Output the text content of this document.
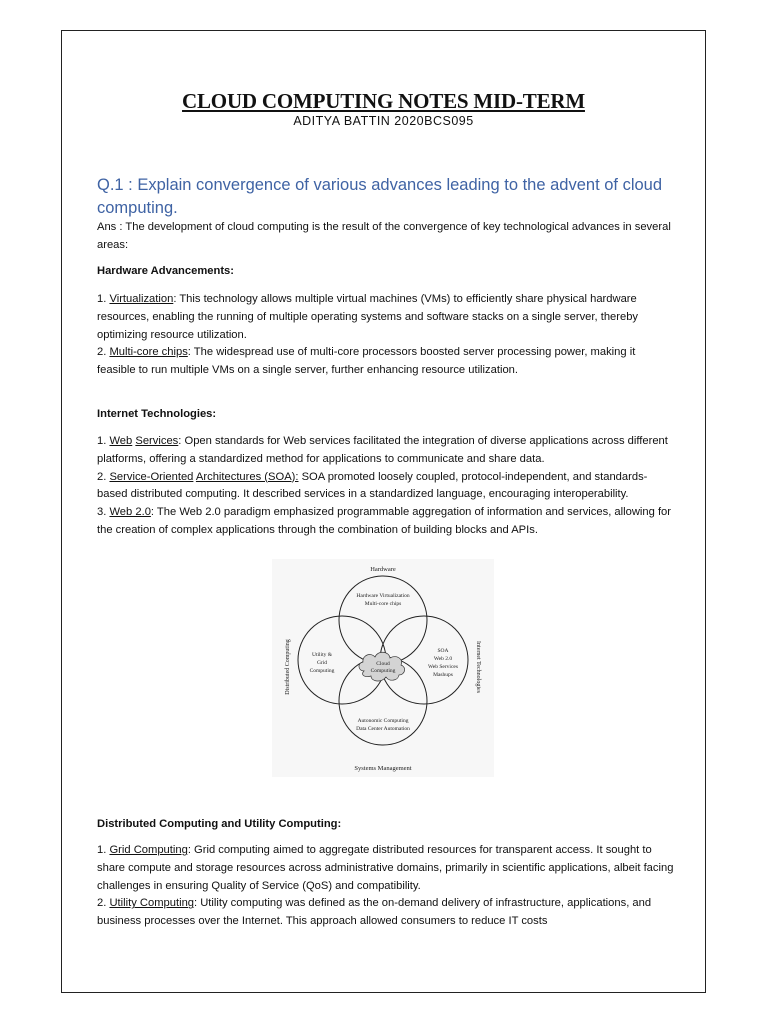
CLOUD COMPUTING NOTES MID-TERM
ADITYA BATTIN 2020BCS095
Q.1 : Explain convergence of various advances leading to the advent of cloud computing.

Ans : The development of cloud computing is the result of the convergence of key technological advances in several areas:

Hardware Advancements:

1. Virtualization: This technology allows multiple virtual machines (VMs) to efficiently share physical hardware resources, enabling the running of multiple operating systems and software stacks on a single server, thereby optimizing resource utilization.

2. Multi-core chips: The widespread use of multi-core processors boosted server processing power, making it feasible to run multiple VMs on a single server, further enhancing resource utilization.

Internet Technologies:

1. Web Services: Open standards for Web services facilitated the integration of diverse applications across different platforms, offering a standardized method for applications to communicate and share data.

2. Service-Oriented Architectures (SOA): SOA promoted loosely coupled, protocol-independent, and standards-based distributed computing. It described services in a standardized language, encouraging interoperability.

3. Web 2.0: The Web 2.0 paradigm emphasized programmable aggregation of information and services, allowing for the creation of complex applications through the combination of building blocks and APIs.

Hardware
Systems Management
Distributed Computing	Internet Technologies
Hardware Virtualization
Multi-core chips
Utility &
Grid
Computing
SOA
Web 2.0
Web Services
Mashups
Autonomic Computing
Data Center Automation
Cloud
Computing
Distributed Computing and Utility Computing:

1. Grid Computing: Grid computing aimed to aggregate distributed resources for transparent access. It sought to share compute and storage resources across administrative domains, primarily in scientific applications, albeit facing challenges in ensuring Quality of Service (QoS) and compatibility.

2. Utility Computing: Utility computing was defined as the on-demand delivery of infrastructure, applications, and business processes over the Internet. This approach allowed consumers to reduce IT costs
